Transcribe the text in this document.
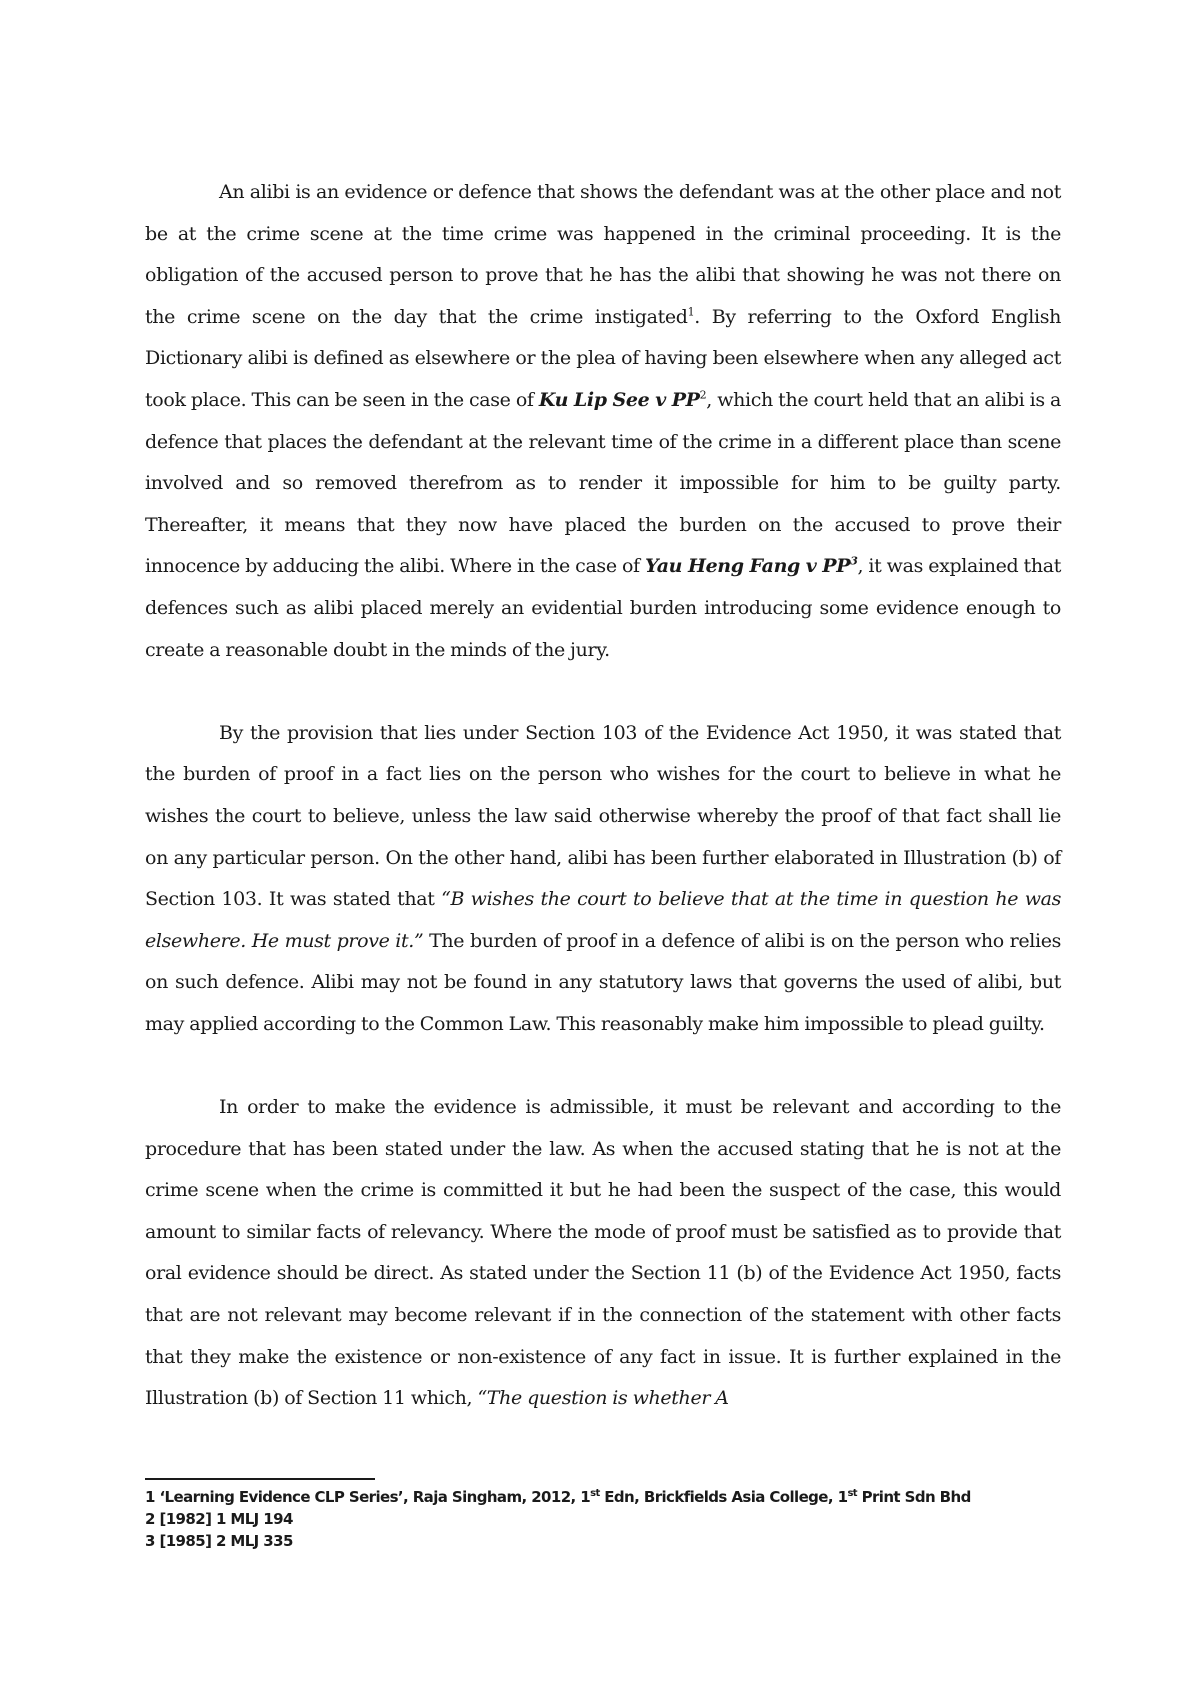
An alibi is an evidence or defence that shows the defendant was at the other place and not be at the crime scene at the time crime was happened in the criminal proceeding. It is the obligation of the accused person to prove that he has the alibi that showing he was not there on the crime scene on the day that the crime instigated$^1$. By referring to the Oxford English Dictionary alibi is defined as elsewhere or the plea of having been elsewhere when any alleged act took place. This can be seen in the case of Ku Lip See v $PP^2$, which the court held that an alibi is a defence that places the defendant at the relevant time of the crime in a different place than scene involved and so removed therefrom as to render it impossible for him to be guilty party. Thereafter, it means that they now have placed the burden on the accused to prove their innocence by adducing the alibi. Where in the case of Yau Heng Fang v $PP^3$, it was explained that defences such as alibi placed merely an evidential burden introducing some evidence enough to create a reasonable doubt in the minds of the jury.

By the provision that lies under Section 103 of the Evidence Act 1950, it was stated that the burden of proof in a fact lies on the person who wishes for the court to believe in what he wishes the court to believe, unless the law said otherwise whereby the proof of that fact shall lie on any particular person. On the other hand, alibi has been further elaborated in Illustration (b) of Section 103. It was stated that “B wishes the court to believe that at the time in question he was elsewhere. He must prove it.” The burden of proof in a defence of alibi is on the person who relies on such defence. Alibi may not be found in any statutory laws that governs the used of alibi, but may applied according to the Common Law. This reasonably make him impossible to plead guilty.

In order to make the evidence is admissible, it must be relevant and according to the procedure that has been stated under the law. As when the accused stating that he is not at the crime scene when the crime is committed it but he had been the suspect of the case, this would amount to similar facts of relevancy. Where the mode of proof must be satisfied as to provide that oral evidence should be direct. As stated under the Section 11 (b) of the Evidence Act 1950, facts that are not relevant may become relevant if in the connection of the statement with other facts that they make the existence or non-existence of any fact in issue. It is further explained in the Illustration (b) of Section 11 which, “The question is whether A

1 ‘Learning Evidence CLP Series’, Raja Singham, 2012, 1st Edn, Brickfields Asia College, 1st Print Sdn Bhd

2 [1982] 1 MLJ 194

3 [1985] 2 MLJ 335
